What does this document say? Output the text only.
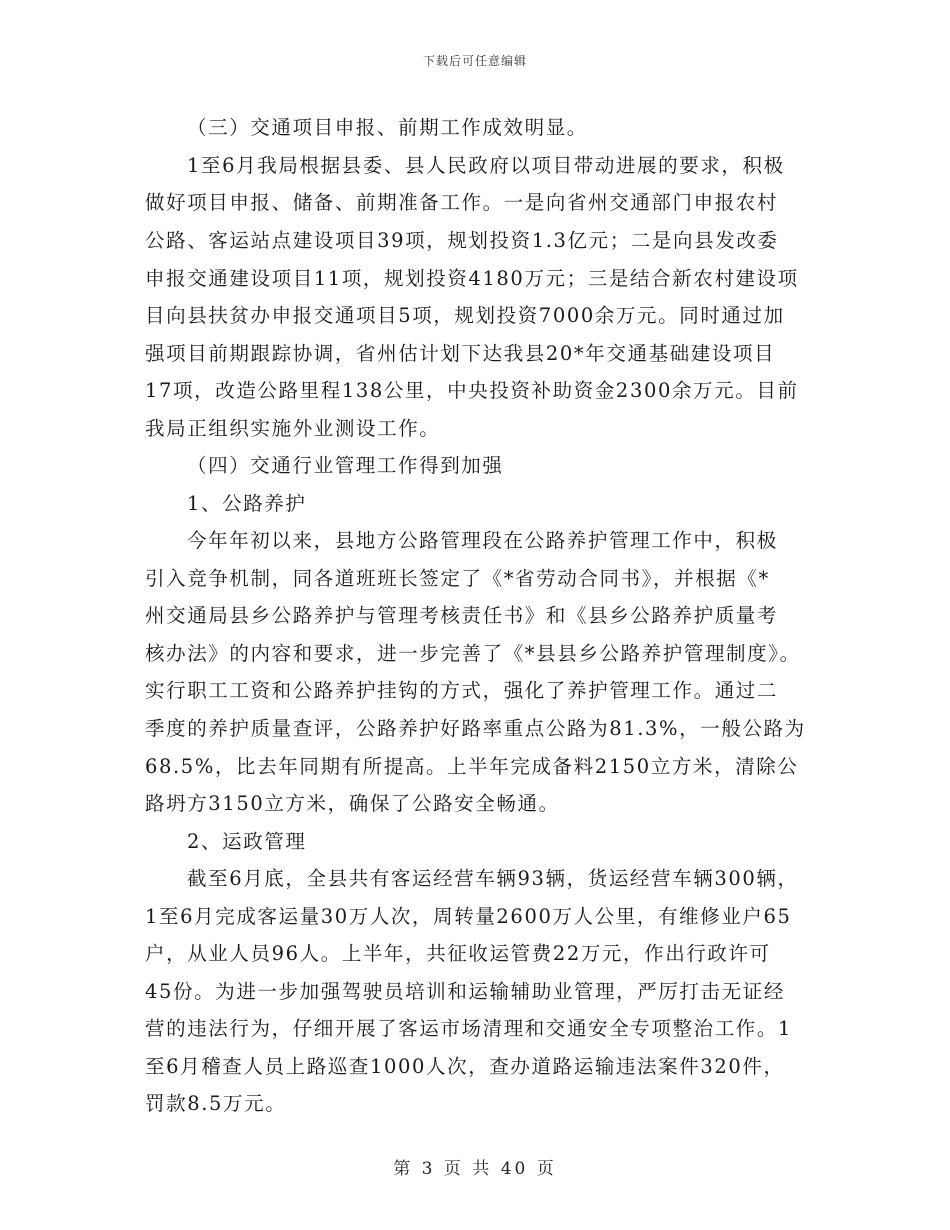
下载后可任意编辑
（三）交通项目申报、前期工作成效明显。
1至6月我局根据县委、县人民政府以项目带动进展的要求，积极
做好项目申报、储备、前期准备工作。一是向省州交通部门申报农村
公路、客运站点建设项目39项，规划投资1.3亿元；二是向县发改委
申报交通建设项目11项，规划投资4180万元；三是结合新农村建设项
目向县扶贫办申报交通项目5项，规划投资7000余万元。同时通过加
强项目前期跟踪协调，省州估计划下达我县20*年交通基础建设项目
17项，改造公路里程138公里，中央投资补助资金2300余万元。目前
我局正组织实施外业测设工作。
（四）交通行业管理工作得到加强
1、公路养护
今年年初以来，县地方公路管理段在公路养护管理工作中，积极
引入竞争机制，同各道班班长签定了《*省劳动合同书》，并根据《*
州交通局县乡公路养护与管理考核责任书》和《县乡公路养护质量考
核办法》的内容和要求，进一步完善了《*县县乡公路养护管理制度》。
实行职工工资和公路养护挂钩的方式，强化了养护管理工作。通过二
季度的养护质量查评，公路养护好路率重点公路为81.3%，一般公路为
68.5%，比去年同期有所提高。上半年完成备料2150立方米，清除公
路坍方3150立方米，确保了公路安全畅通。
2、运政管理
截至6月底，全县共有客运经营车辆93辆，货运经营车辆300辆，
1至6月完成客运量30万人次，周转量2600万人公里，有维修业户65
户，从业人员96人。上半年，共征收运管费22万元，作出行政许可
45份。为进一步加强驾驶员培训和运输辅助业管理，严厉打击无证经
营的违法行为，仔细开展了客运市场清理和交通安全专项整治工作。1
至6月稽查人员上路巡查1000人次，查办道路运输违法案件320件，
罚款8.5万元。
第 3 页 共 40 页
